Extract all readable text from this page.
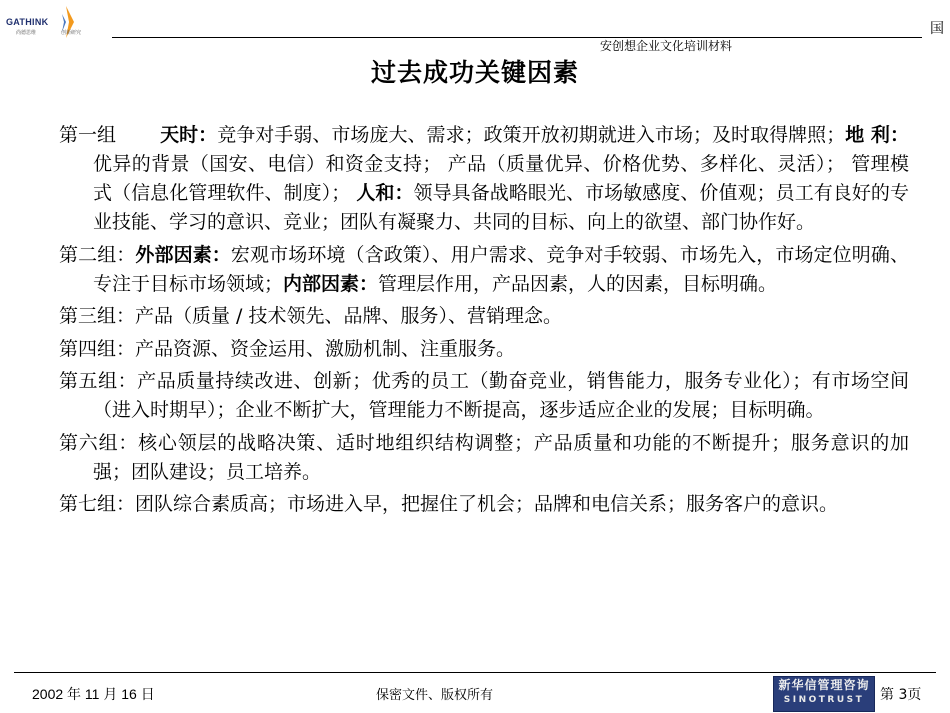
GATHINK
尚德思维	创新研究	国
安创想企业文化培训材料
过去成功关键因素

第一组 天时：竞争对手弱、市场庞大、需求；政策开放初期就进入市场；及时取得牌照；地 利：优异的背景（国安、电信）和资金支持； 产品（质量优异、价格优势、多样化、灵活）； 管理模式（信息化管理软件、制度）； 人和：领导具备战略眼光、市场敏感度、价值观；员工有良好的专业技能、学习的意识、竞业；团队有凝聚力、共同的目标、向上的欲望、部门协作好。

第二组：外部因素：宏观市场环境（含政策）、用户需求、竞争对手较弱、市场先入，市场定位明确、专注于目标市场领域；内部因素：管理层作用，产品因素，人的因素，目标明确。

第三组：产品（质量 / 技术领先、品牌、服务）、营销理念。

第四组：产品资源、资金运用、激励机制、注重服务。

第五组：产品质量持续改进、创新；优秀的员工（勤奋竞业，销售能力，服务专业化）；有市场空间（进入时期早）；企业不断扩大，管理能力不断提高，逐步适应企业的发展；目标明确。

第六组：核心领层的战略决策、适时地组织结构调整；产品质量和功能的不断提升；服务意识的加强；团队建设；员工培养。

第七组：团队综合素质高；市场进入早，把握住了机会；品牌和电信关系；服务客户的意识。

2002 年 11 月 16 日	保密文件、版权所有
新华信管理咨询
SINOTRUST	第 3页
